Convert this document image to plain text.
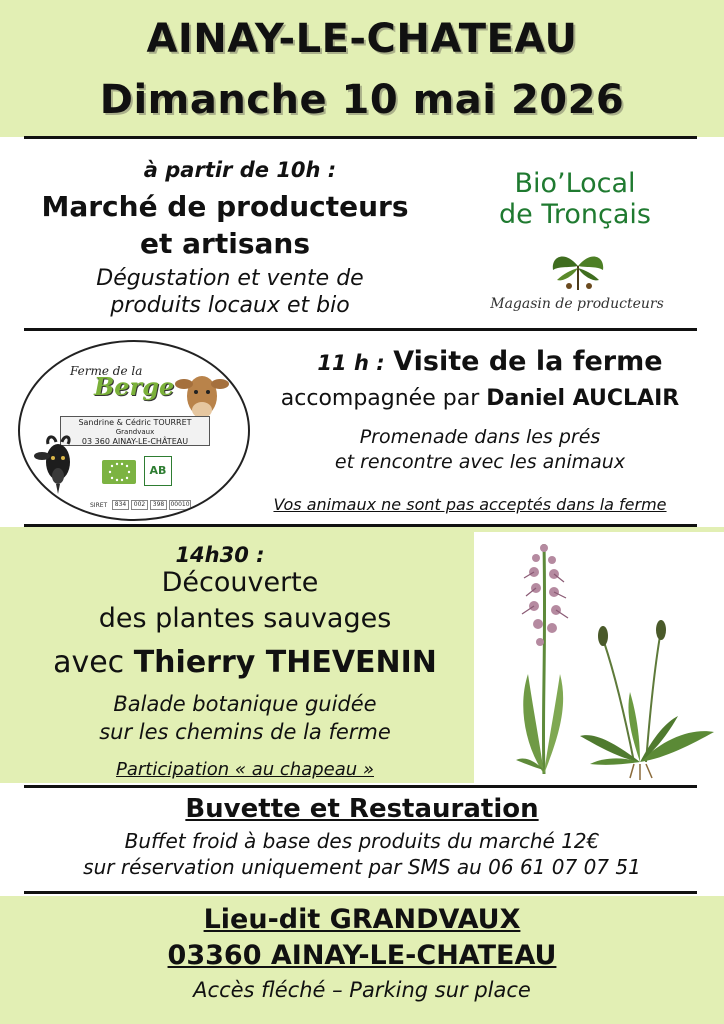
AINAY-LE-CHATEAU
Dimanche 10 mai 2026
à partir de 10h :
Marché de producteurs
et artisans
Dégustation et vente de
produits locaux et bio
Bio’Local
de Tronçais
Magasin de producteurs
Ferme de la
Berge
Sandrine & Cédric TOURRET
Grandvaux
03 360 AINAY-LE-CHÂTEAU
AB
SIRET	834	002	398	00010
11 h : Visite de la ferme
accompagnée par Daniel AUCLAIR
Promenade dans les prés
et rencontre avec les animaux
Vos animaux ne sont pas acceptés dans la ferme
14h30 :
Découverte
des plantes sauvages
avec Thierry THEVENIN
Balade botanique guidée
sur les chemins de la ferme
Participation « au chapeau »
Buvette et Restauration
Buffet froid à base des produits du marché 12€
sur réservation uniquement par SMS au 06 61 07 07 51
Lieu-dit GRANDVAUX
03360 AINAY-LE-CHATEAU
Accès fléché – Parking sur place
